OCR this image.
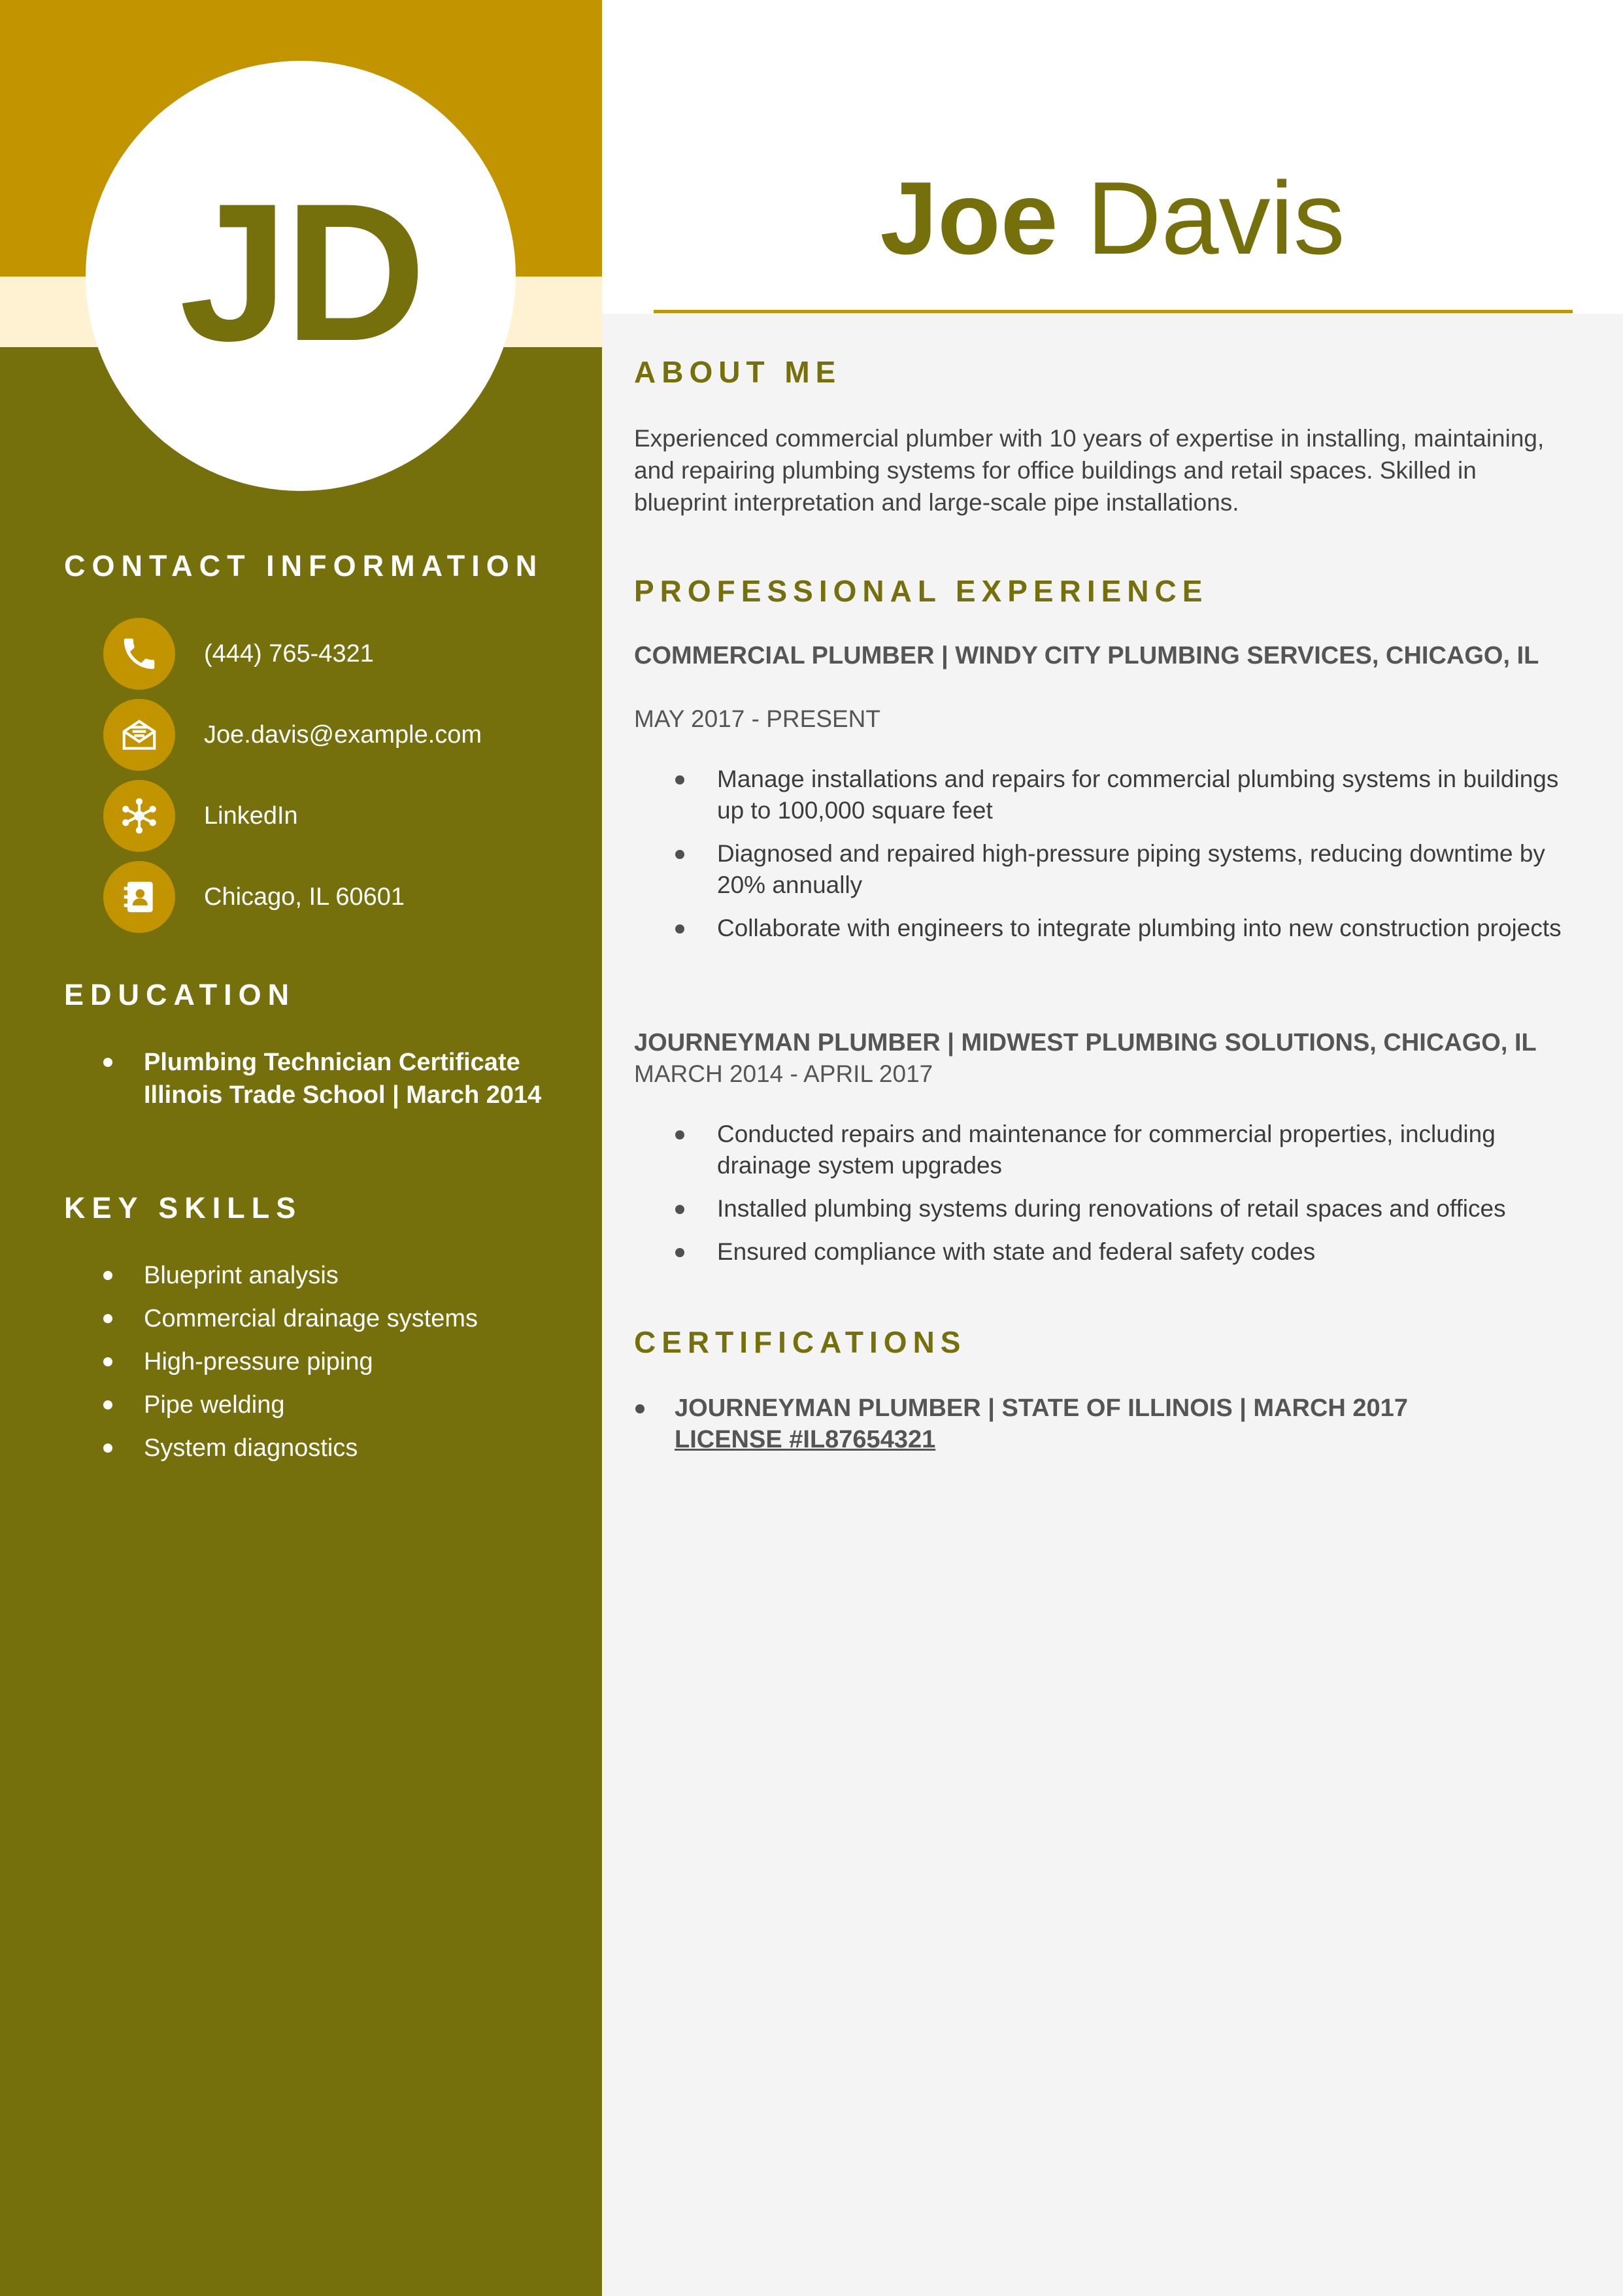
JD
CONTACT INFORMATION
(444) 765-4321
Joe.davis@example.com
LinkedIn
Chicago, IL 60601
EDUCATION
Plumbing Technician Certificate
Illinois Trade School | March 2014
KEY SKILLS
Blueprint analysis
Commercial drainage systems
High-pressure piping
Pipe welding
System diagnostics
Joe Davis
ABOUT ME

Experienced commercial plumber with 10 years of expertise in installing, maintaining, and repairing plumbing systems for office buildings and retail spaces. Skilled in blueprint interpretation and large-scale pipe installations.

PROFESSIONAL EXPERIENCE

COMMERCIAL PLUMBER | WINDY CITY PLUMBING SERVICES, CHICAGO, IL

MAY 2017 - PRESENT
Manage installations and repairs for commercial plumbing systems in buildings up to 100,000 square feet
Diagnosed and repaired high-pressure piping systems, reducing downtime by 20% annually
Collaborate with engineers to integrate plumbing into new construction projects

JOURNEYMAN PLUMBER | MIDWEST PLUMBING SOLUTIONS, CHICAGO, IL

MARCH 2014 - APRIL 2017
Conducted repairs and maintenance for commercial properties, including drainage system upgrades
Installed plumbing systems during renovations of retail spaces and offices
Ensured compliance with state and federal safety codes
CERTIFICATIONS
JOURNEYMAN PLUMBER | STATE OF ILLINOIS | MARCH 2017
LICENSE #IL87654321
